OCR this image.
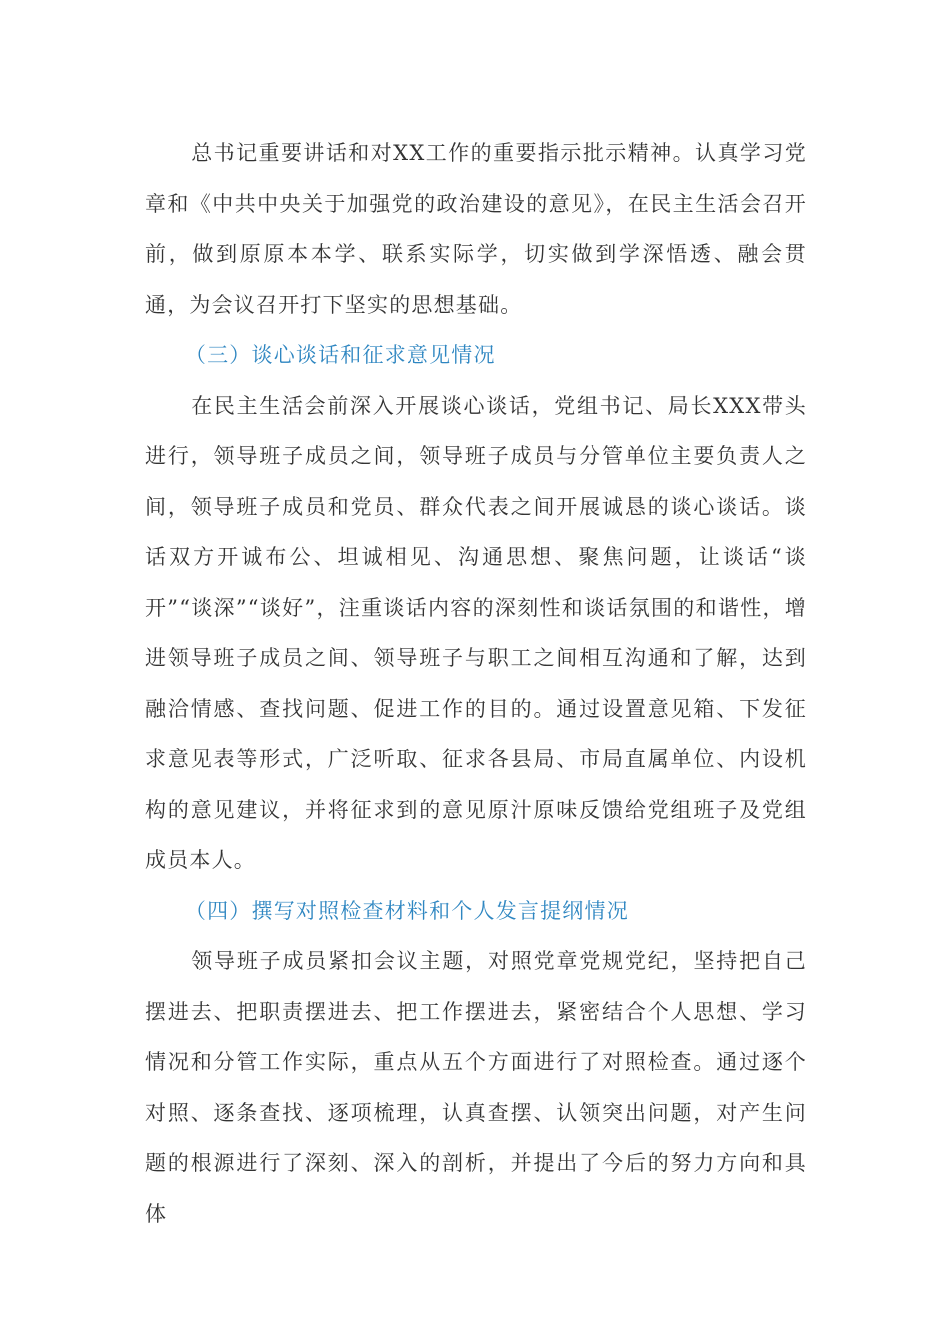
总书记重要讲话和对XX工作的重要指示批示精神。认真学习党章和《中共中央关于加强党的政治建设的意见》，在民主生活会召开前，做到原原本本学、联系实际学，切实做到学深悟透、融会贯通，为会议召开打下坚实的思想基础。

（三）谈心谈话和征求意见情况

在民主生活会前深入开展谈心谈话，党组书记、局长XXX带头进行，领导班子成员之间，领导班子成员与分管单位主要负责人之间，领导班子成员和党员、群众代表之间开展诚恳的谈心谈话。谈话双方开诚布公、坦诚相见、沟通思想、聚焦问题，让谈话“谈开”“谈深”“谈好”，注重谈话内容的深刻性和谈话氛围的和谐性，增进领导班子成员之间、领导班子与职工之间相互沟通和了解，达到融洽情感、查找问题、促进工作的目的。通过设置意见箱、下发征求意见表等形式，广泛听取、征求各县局、市局直属单位、内设机构的意见建议，并将征求到的意见原汁原味反馈给党组班子及党组成员本人。

（四）撰写对照检查材料和个人发言提纲情况

领导班子成员紧扣会议主题，对照党章党规党纪，坚持把自己摆进去、把职责摆进去、把工作摆进去，紧密结合个人思想、学习情况和分管工作实际，重点从五个方面进行了对照检查。通过逐个对照、逐条查找、逐项梳理，认真查摆、认领突出问题，对产生问题的根源进行了深刻、深入的剖析，并提出了今后的努力方向和具体
